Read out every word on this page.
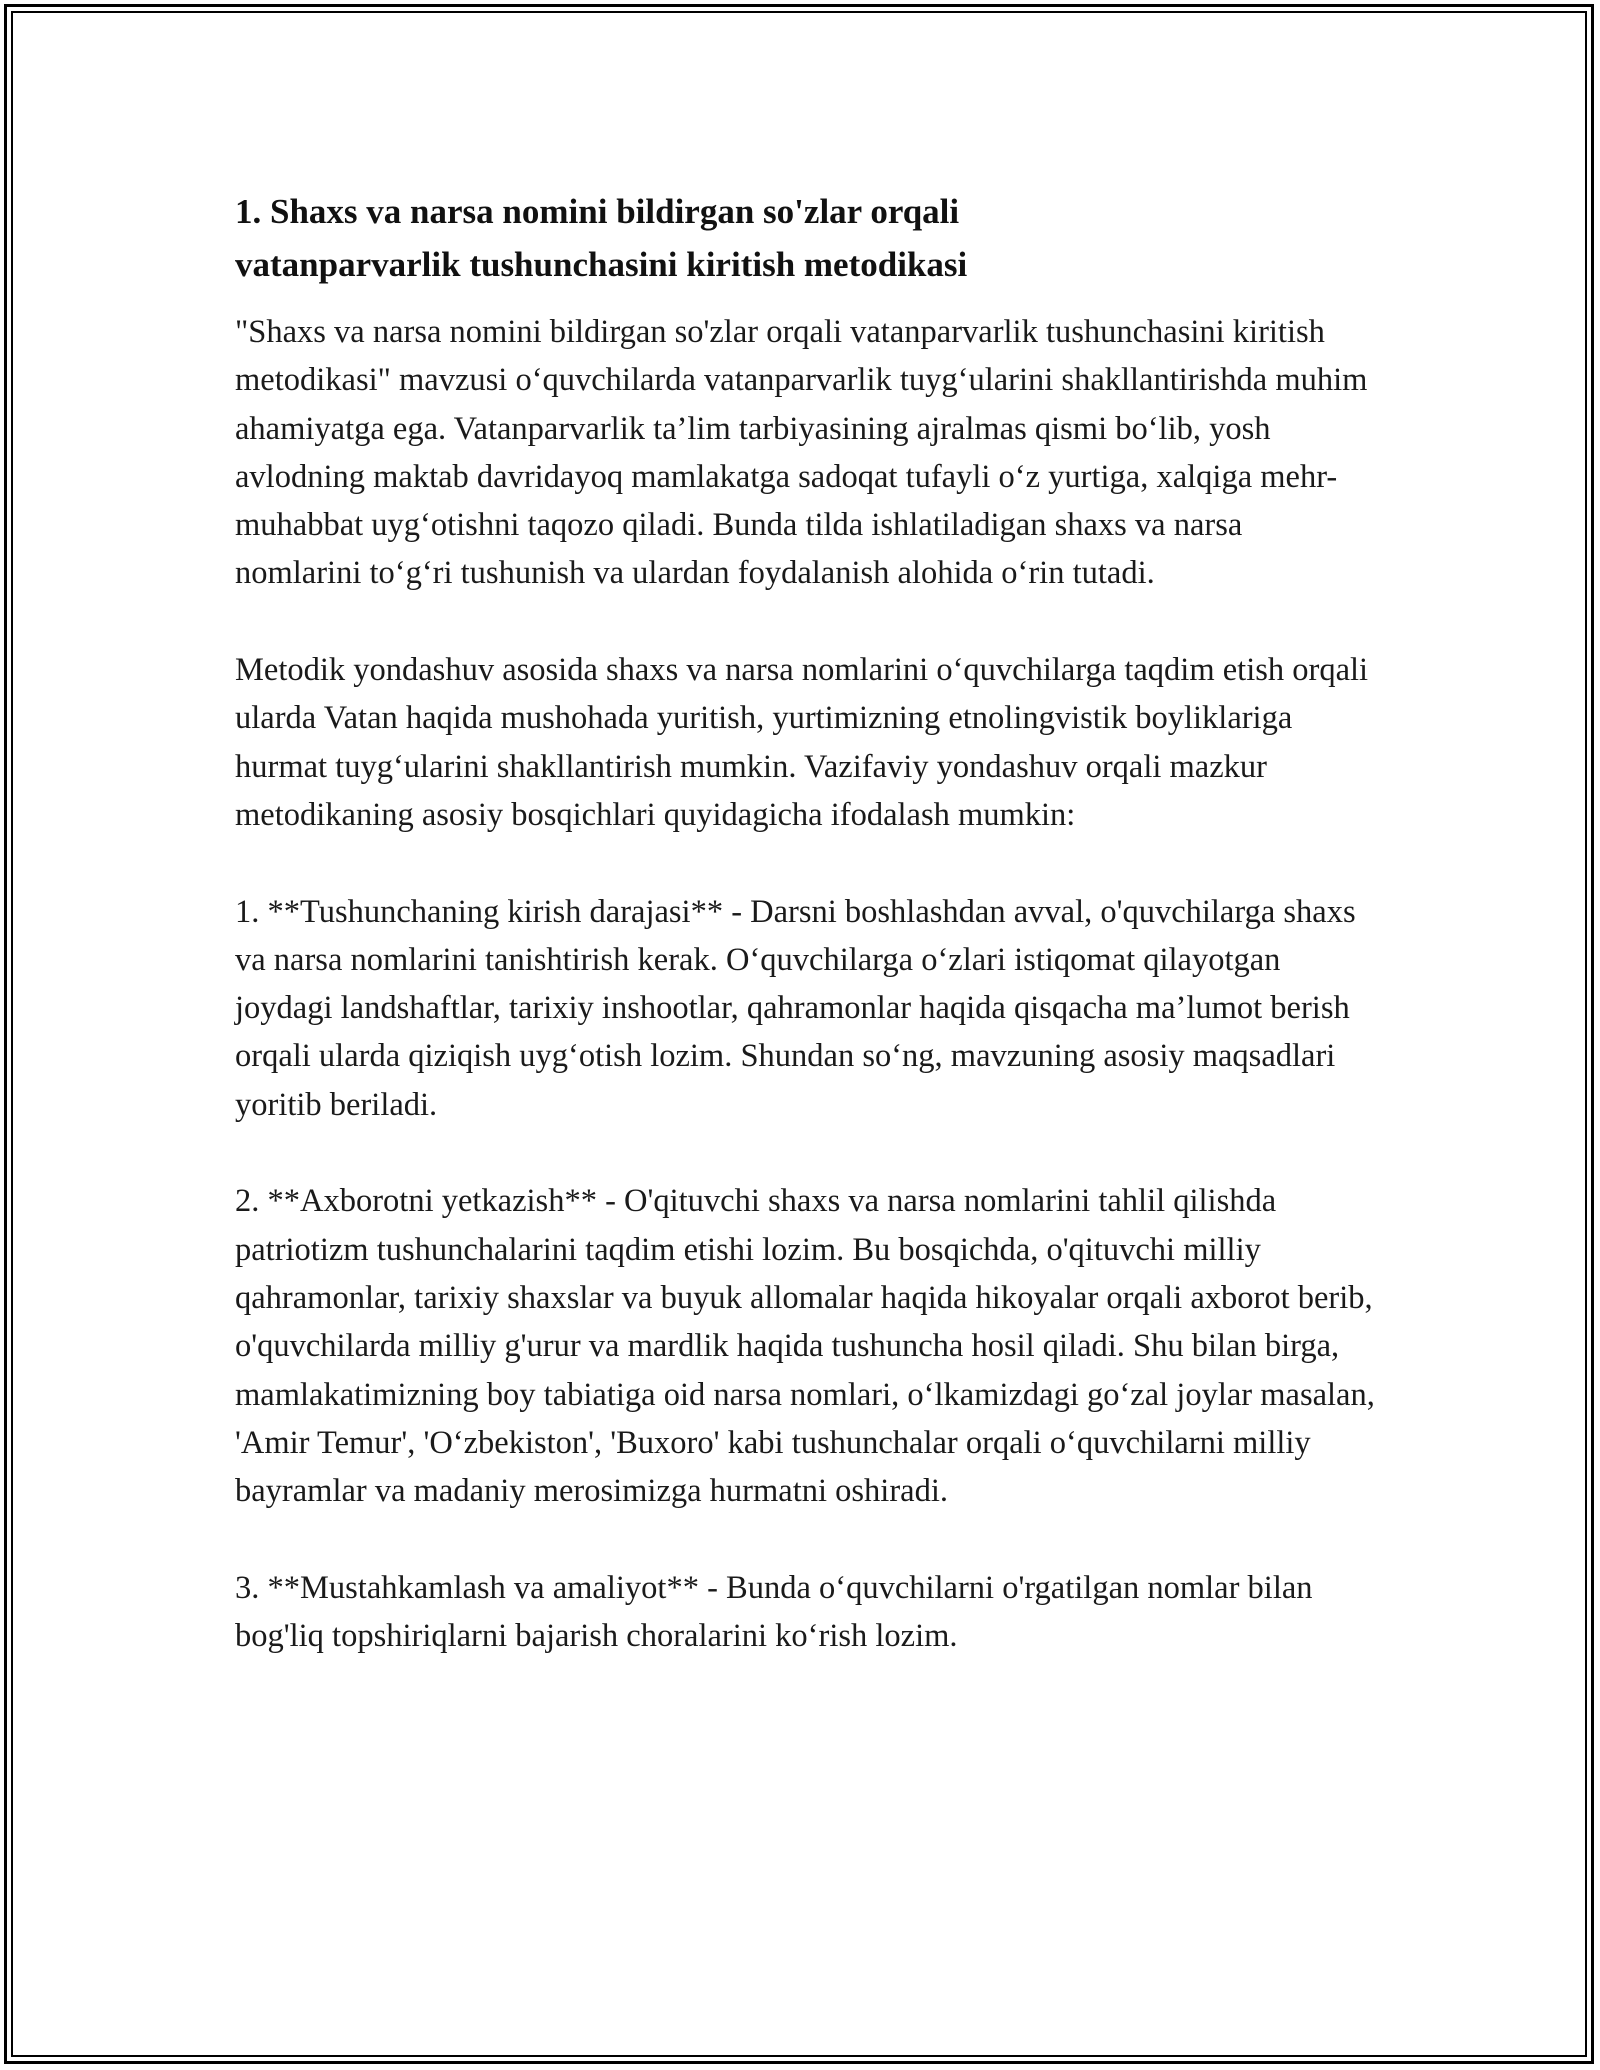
1. Shaxs va narsa nomini bildirgan so'zlar orqali
vatanparvarlik tushunchasini kiritish metodikasi

"Shaxs va narsa nomini bildirgan so'zlar orqali vatanparvarlik tushunchasini kiritish metodikasi" mavzusi o‘quvchilarda vatanparvarlik tuyg‘ularini shakllantirishda muhim ahamiyatga ega. Vatanparvarlik ta’lim tarbiyasining ajralmas qismi bo‘lib, yosh avlodning maktab davridayoq mamlakatga sadoqat tufayli o‘z yurtiga, xalqiga mehr-muhabbat uyg‘otishni taqozo qiladi. Bunda tilda ishlatiladigan shaxs va narsa nomlarini to‘g‘ri tushunish va ulardan foydalanish alohida o‘rin tutadi.

Metodik yondashuv asosida shaxs va narsa nomlarini o‘quvchilarga taqdim etish orqali ularda Vatan haqida mushohada yuritish, yurtimizning etnolingvistik boyliklariga hurmat tuyg‘ularini shakllantirish mumkin. Vazifaviy yondashuv orqali mazkur metodikaning asosiy bosqichlari quyidagicha ifodalash mumkin:

1. **Tushunchaning kirish darajasi** - Darsni boshlashdan avval, o'quvchilarga shaxs va narsa nomlarini tanishtirish kerak. O‘quvchilarga o‘zlari istiqomat qilayotgan joydagi landshaftlar, tarixiy inshootlar, qahramonlar haqida qisqacha ma’lumot berish orqali ularda qiziqish uyg‘otish lozim. Shundan so‘ng, mavzuning asosiy maqsadlari yoritib beriladi.

2. **Axborotni yetkazish** - O'qituvchi shaxs va narsa nomlarini tahlil qilishda patriotizm tushunchalarini taqdim etishi lozim. Bu bosqichda, o'qituvchi milliy qahramonlar, tarixiy shaxslar va buyuk allomalar haqida hikoyalar orqali axborot berib, o'quvchilarda milliy g'urur va mardlik haqida tushuncha hosil qiladi. Shu bilan birga, mamlakatimizning boy tabiatiga oid narsa nomlari, o‘lkamizdagi go‘zal joylar masalan, 'Amir Temur', 'O‘zbekiston', 'Buxoro' kabi tushunchalar orqali o‘quvchilarni milliy bayramlar va madaniy merosimizga hurmatni oshiradi.

3. **Mustahkamlash va amaliyot** - Bunda o‘quvchilarni o'rgatilgan nomlar bilan bog'liq topshiriqlarni bajarish choralarini ko‘rish lozim.
